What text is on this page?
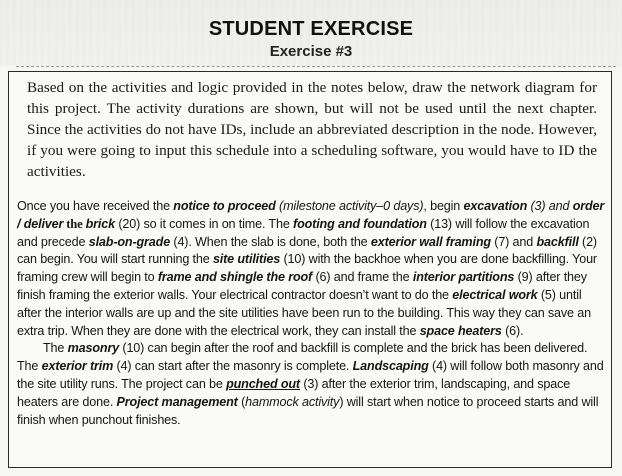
STUDENT EXERCISE
Exercise #3
Based on the activities and logic provided in the notes below, draw the network diagram for this project. The activity durations are shown, but will not be used until the next chapter. Since the activities do not have IDs, include an abbreviated description in the node. However, if you were going to input this schedule into a scheduling software, you would have to ID the activities.

Once you have received the notice to proceed (milestone activity–0 days), begin excavation (3) and order / deliver the brick (20) so it comes in on time. The footing and foundation (13) will follow the excavation and precede slab-on-grade (4). When the slab is done, both the exterior wall framing (7) and backfill (2) can begin. You will start running the site utilities (10) with the backhoe when you are done backfilling. Your framing crew will begin to frame and shingle the roof (6) and frame the interior partitions (9) after they finish framing the exterior walls. Your electrical contractor doesn’t want to do the electrical work (5) until after the interior walls are up and the site utilities have been run to the building. This way they can save an extra trip. When they are done with the electrical work, they can install the space heaters (6).

The masonry (10) can begin after the roof and backfill is complete and the brick has been delivered. The exterior trim (4) can start after the masonry is complete. Landscaping (4) will follow both masonry and the site utility runs. The project can be punched out (3) after the exterior trim, landscaping, and space heaters are done. Project management (hammock activity) will start when notice to proceed starts and will finish when punchout finishes.
